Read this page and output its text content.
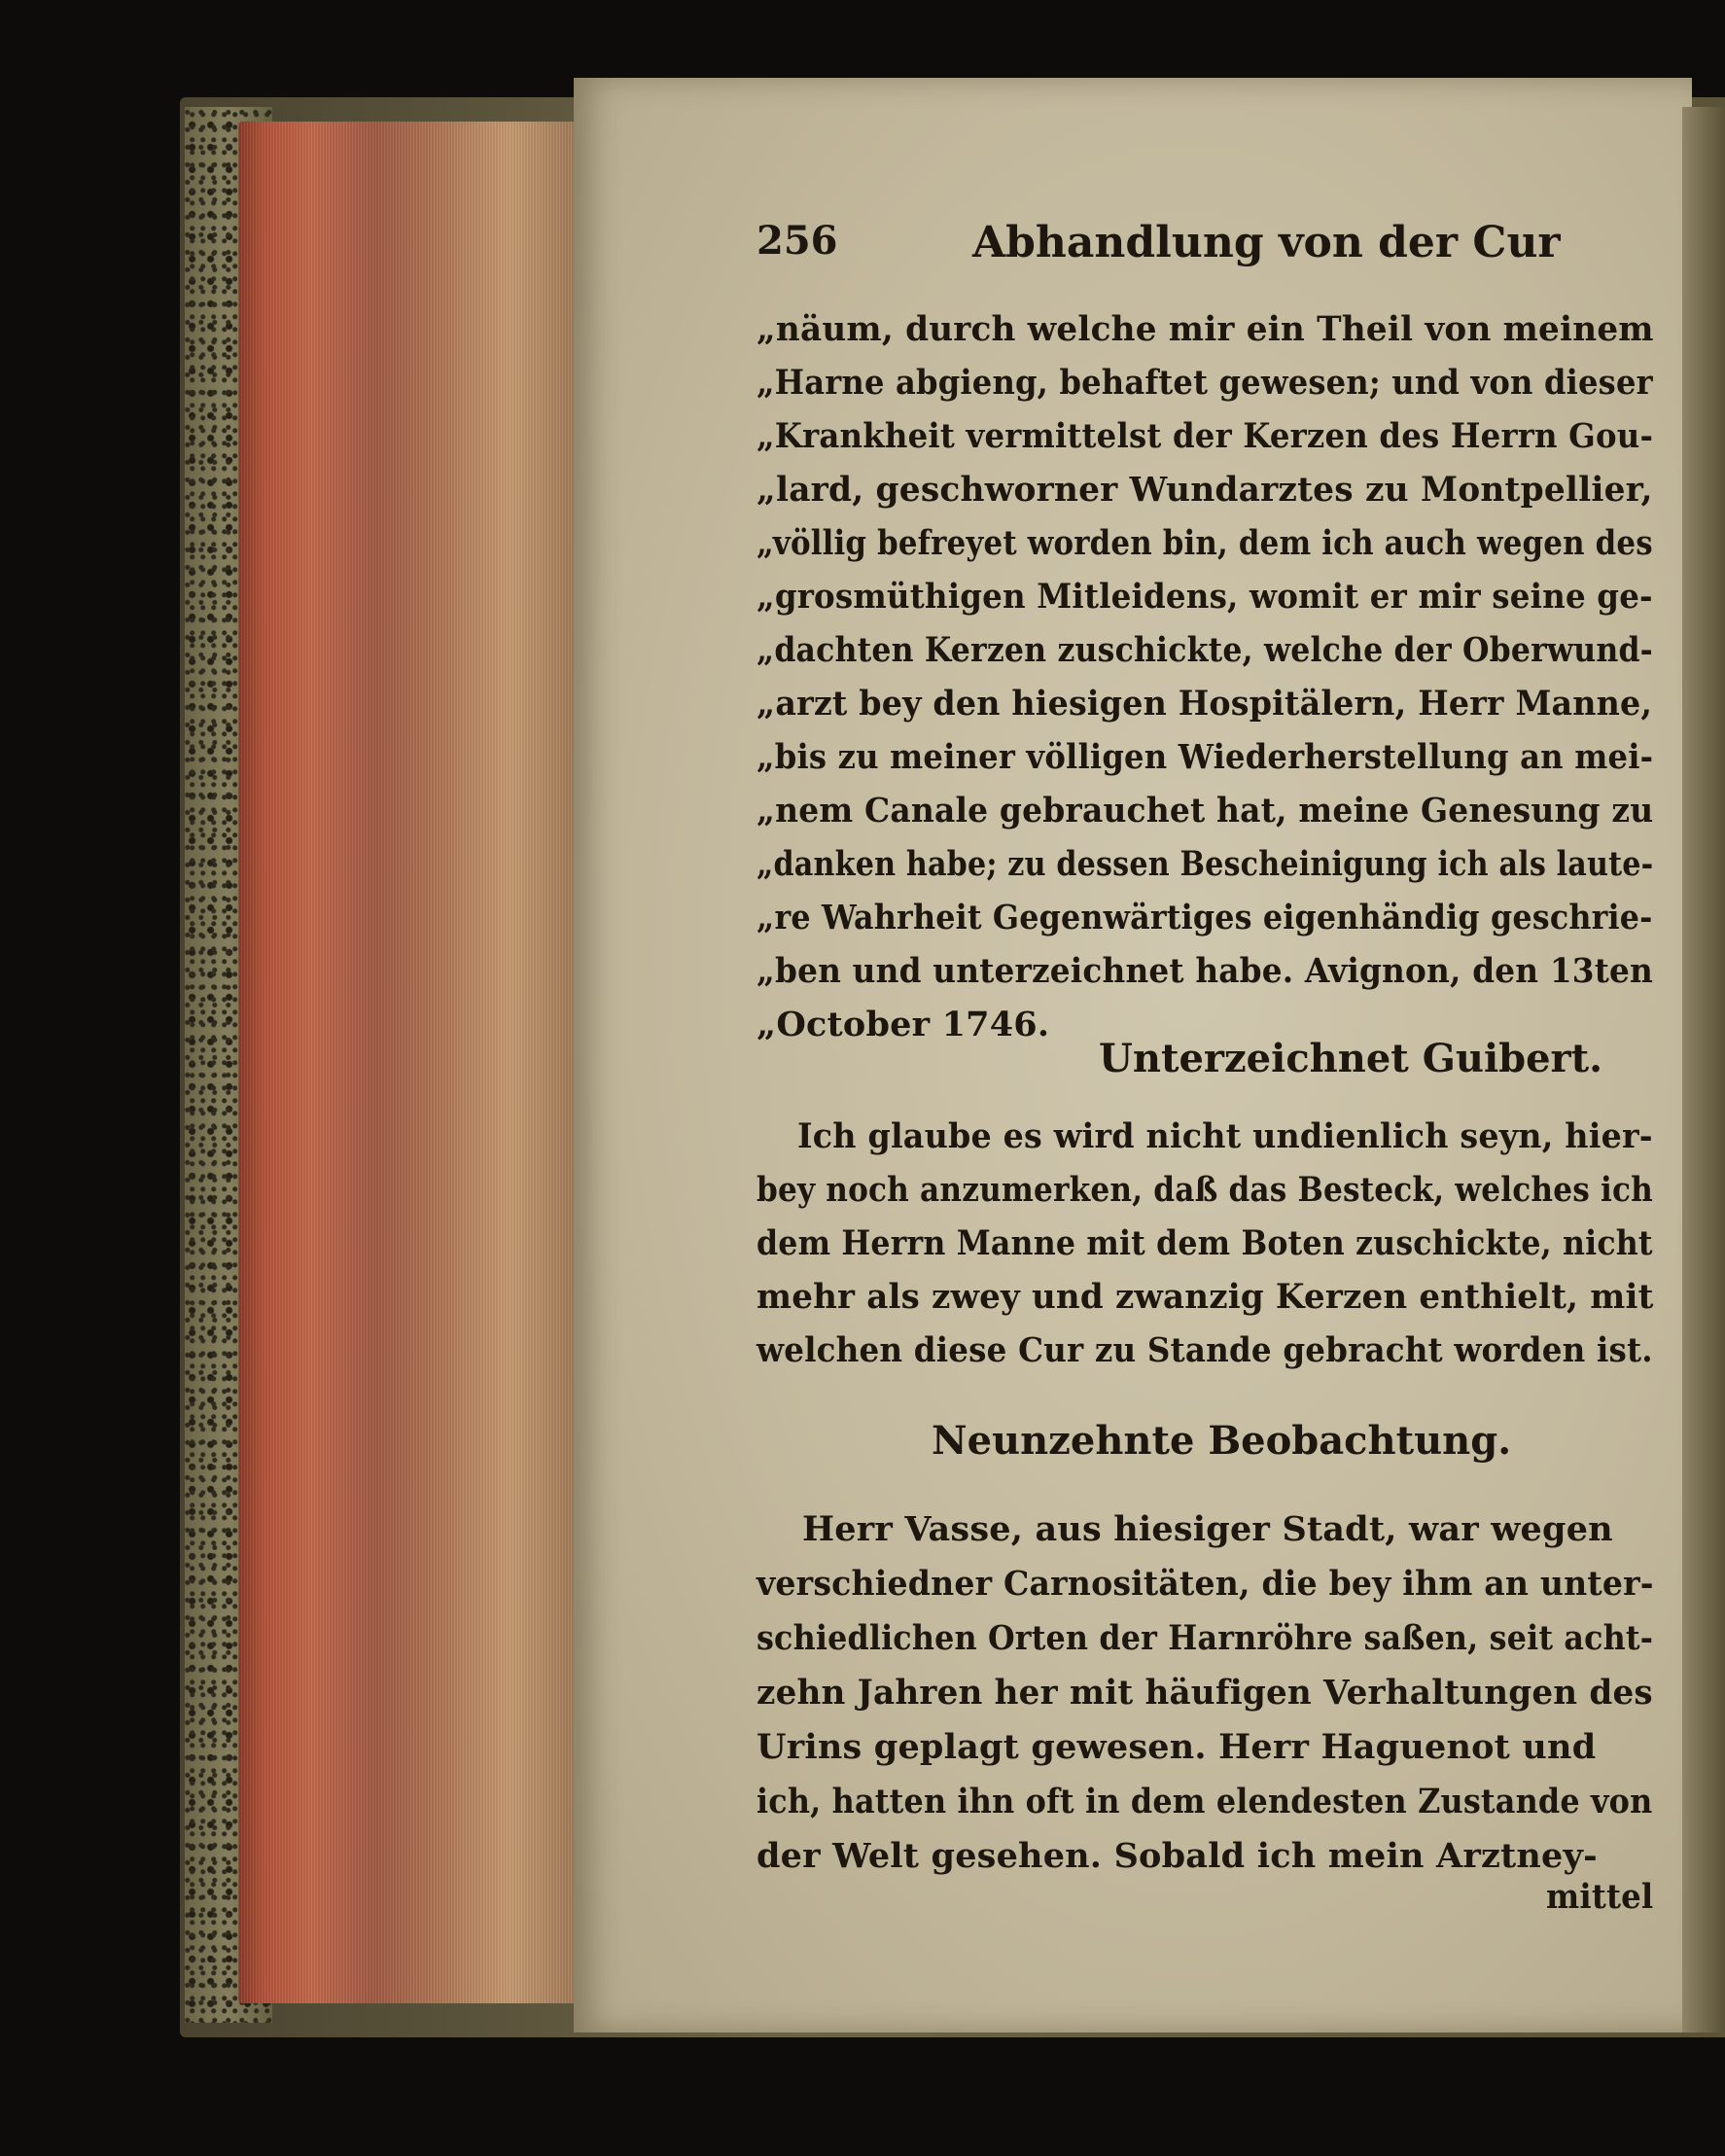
256	Abhandlung von der Cur
„näum, durch welche mir ein Theil von meinem
„Harne abgieng, behaftet gewesen; und von dieser
„Krankheit vermittelst der Kerzen des Herrn Gou-
„lard, geschworner Wundarztes zu Montpellier,
„völlig befreyet worden bin, dem ich auch wegen des
„grosmüthigen Mitleidens, womit er mir seine ge-
„dachten Kerzen zuschickte, welche der Oberwund-
„arzt bey den hiesigen Hospitälern, Herr Manne,
„bis zu meiner völligen Wiederherstellung an mei-
„nem Canale gebrauchet hat, meine Genesung zu
„danken habe; zu dessen Bescheinigung ich als laute-
„re Wahrheit Gegenwärtiges eigenhändig geschrie-
„ben und unterzeichnet habe. Avignon, den 13ten
„October 1746.
Unterzeichnet Guibert.
Ich glaube es wird nicht undienlich seyn, hier-
bey noch anzumerken, daß das Besteck, welches ich
dem Herrn Manne mit dem Boten zuschickte, nicht
mehr als zwey und zwanzig Kerzen enthielt, mit
welchen diese Cur zu Stande gebracht worden ist.
Neunzehnte Beobachtung.
Herr Vasse, aus hiesiger Stadt, war wegen
verschiedner Carnositäten, die bey ihm an unter-
schiedlichen Orten der Harnröhre saßen, seit acht-
zehn Jahren her mit häufigen Verhaltungen des
Urins geplagt gewesen. Herr Haguenot und
ich, hatten ihn oft in dem elendesten Zustande von
der Welt gesehen. Sobald ich mein Arztney-
mittel
